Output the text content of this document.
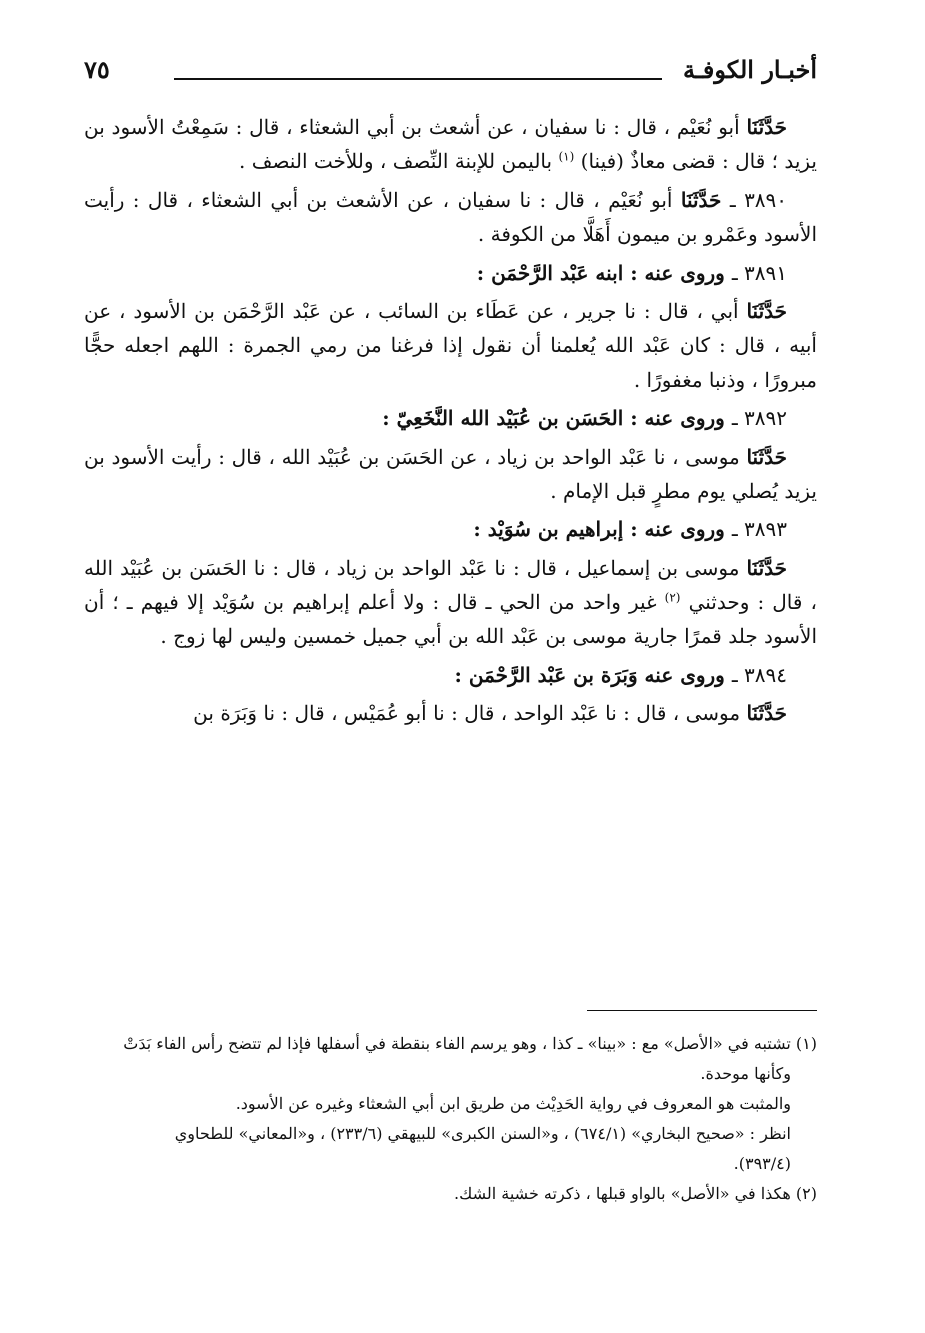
أخبـار الكوفـة
٧٥

حَدَّثَنَا أبو نُعَيْم ، قال : نا سفيان ، عن أشعث بن أبي الشعثاء ، قال : سَمِعْتُ الأسود بن يزيد ؛ قال : قضى معاذٌ (فينا) $^{(١)}$ باليمن للإبنة النِّصف ، وللأخت النصف .

٣٨٩٠ ـ حَدَّثَنَا أبو نُعَيْم ، قال : نا سفيان ، عن الأشعث بن أبي الشعثاء ، قال : رأيت الأسود وعَمْرو بن ميمون أَهَلَّا من الكوفة .

٣٨٩١ ـ وروى عنه : ابنه عَبْد الرَّحْمَن :

حَدَّثَنَا أبي ، قال : نا جرير ، عن عَطَاء بن السائب ، عن عَبْد الرَّحْمَن بن الأسود ، عن أبيه ، قال : كان عَبْد الله يُعلمنا أن نقول إذا فرغنا من رمي الجمرة : اللهم اجعله حجًّا مبرورًا ، وذنبا مغفورًا .

٣٨٩٢ ـ وروى عنه : الحَسَن بن عُبَيْد الله النَّخَعِيّ :

حَدَّثَنَا موسى ، نا عَبْد الواحد بن زياد ، عن الحَسَن بن عُبَيْد الله ، قال : رأيت الأسود بن يزيد يُصلي يوم مطرٍ قبل الإمام .

٣٨٩٣ ـ وروى عنه : إبراهيم بن سُوَيْد :

حَدَّثَنَا موسى بن إسماعيل ، قال : نا عَبْد الواحد بن زياد ، قال : نا الحَسَن بن عُبَيْد الله ، قال : وحدثني $^{(٢)}$ غير واحد من الحي ـ قال : ولا أعلم إبراهيم بن سُوَيْد إلا فيهم ـ ؛ أن الأسود جلد قمرًا جارية موسى بن عَبْد الله بن أبي جميل خمسين وليس لها زوج .

٣٨٩٤ ـ وروى عنه وَبَرَة بن عَبْد الرَّحْمَن :

حَدَّثَنَا موسى ، قال : نا عَبْد الواحد ، قال : نا أبو عُمَيْس ، قال : نا وَبَرَة بن

(١) تشتبه في «الأصل» مع : «بينا» ـ كذا ، وهو يرسم الفاء بنقطة في أسفلها فإذا لم تتضح رأس الفاء بَدَتْ

وكأنها موحدة.

والمثبت هو المعروف في رواية الحَدِيْث من طريق ابن أبي الشعثاء وغيره عن الأسود.

انظر : «صحيح البخاري» (٦٧٤/١) ، و«السنن الكبرى» للبيهقي (٢٣٣/٦) ، و«المعاني» للطحاوي

(٣٩٣/٤).

(٢) هكذا في «الأصل» بالواو قبلها ، ذكرته خشية الشك.
